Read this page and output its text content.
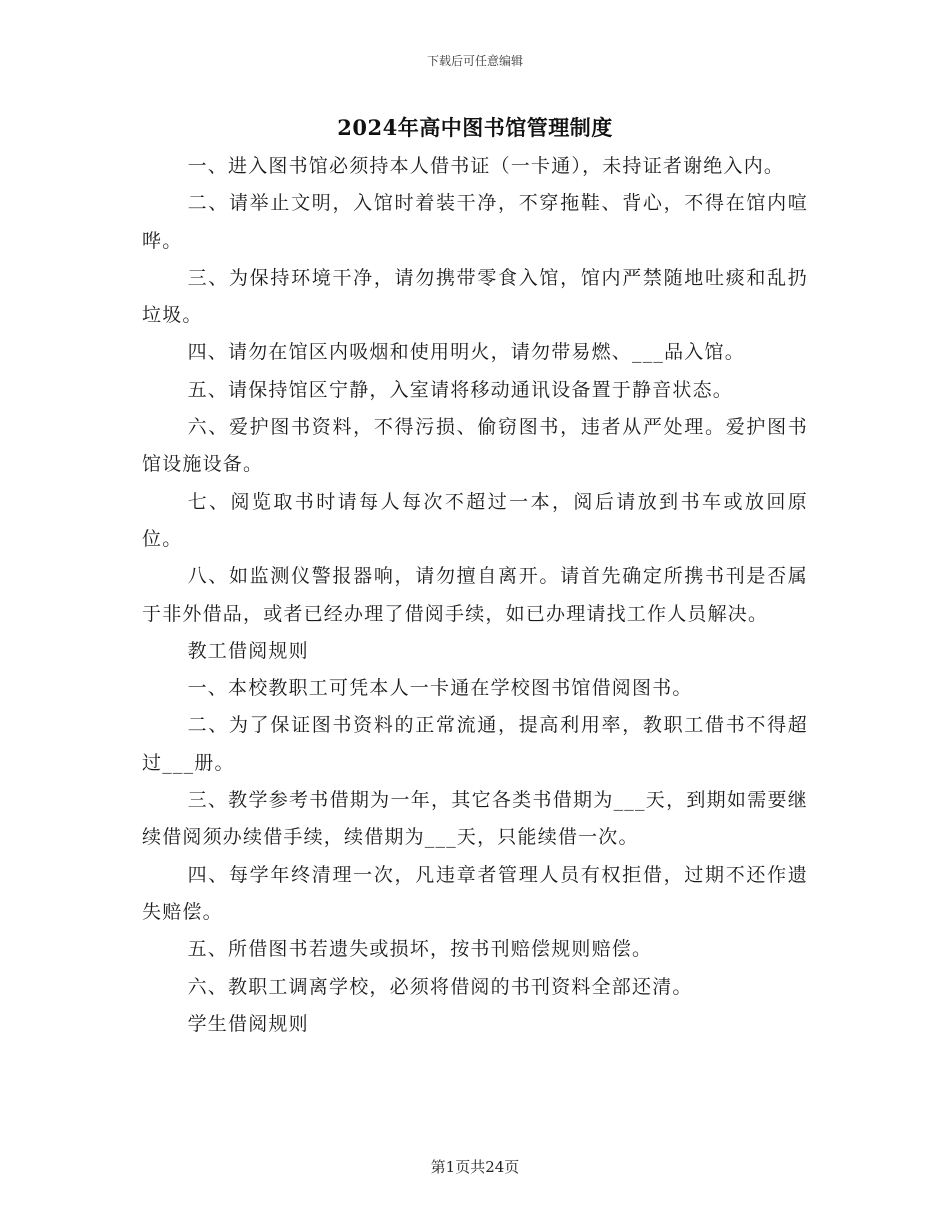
下载后可任意编辑
2024年高中图书馆管理制度

一、进入图书馆必须持本人借书证（一卡通），未持证者谢绝入内。

二、请举止文明，入馆时着装干净，不穿拖鞋、背心，不得在馆内喧哗。

三、为保持环境干净，请勿携带零食入馆，馆内严禁随地吐痰和乱扔垃圾。

四、请勿在馆区内吸烟和使用明火，请勿带易燃、___品入馆。

五、请保持馆区宁静，入室请将移动通讯设备置于静音状态。

六、爱护图书资料，不得污损、偷窃图书，违者从严处理。爱护图书馆设施设备。

七、阅览取书时请每人每次不超过一本，阅后请放到书车或放回原位。

八、如监测仪警报器响，请勿擅自离开。请首先确定所携书刊是否属于非外借品，或者已经办理了借阅手续，如已办理请找工作人员解决。

教工借阅规则

一、本校教职工可凭本人一卡通在学校图书馆借阅图书。

二、为了保证图书资料的正常流通，提高利用率，教职工借书不得超过___册。

三、教学参考书借期为一年，其它各类书借期为___天，到期如需要继续借阅须办续借手续，续借期为___天，只能续借一次。

四、每学年终清理一次，凡违章者管理人员有权拒借，过期不还作遗失赔偿。

五、所借图书若遗失或损坏，按书刊赔偿规则赔偿。

六、教职工调离学校，必须将借阅的书刊资料全部还清。

学生借阅规则

第1页共24页
